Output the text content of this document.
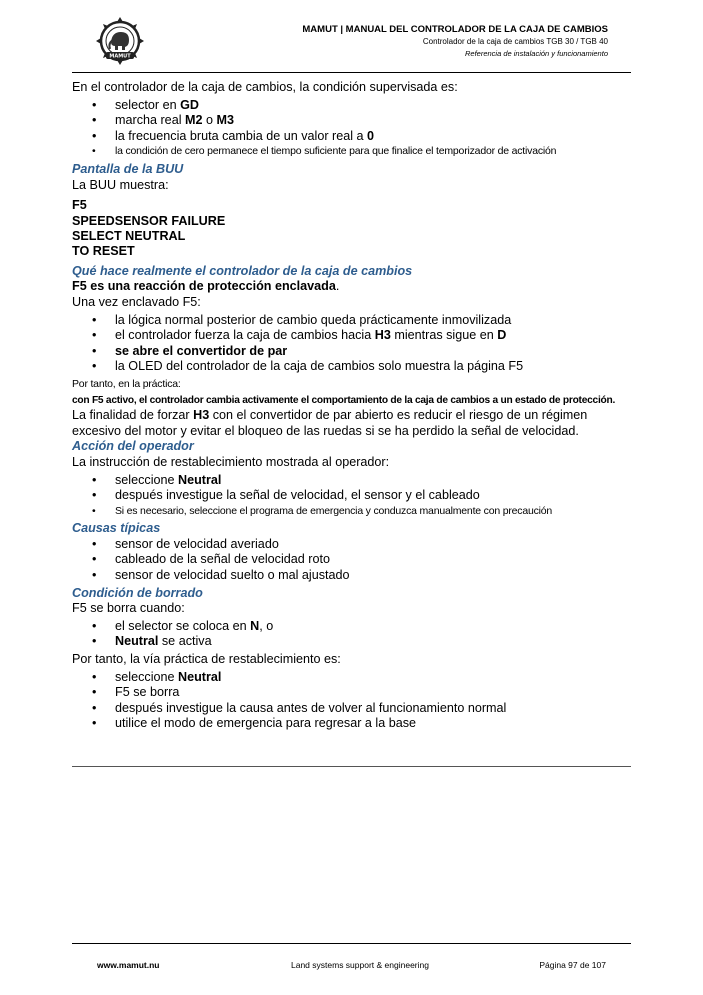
MAMUT
MAMUT | MANUAL DEL CONTROLADOR DE LA CAJA DE CAMBIOS
Controlador de la caja de cambios TGB 30 / TGB 40
Referencia de instalación y funcionamiento

En el controlador de la caja de cambios, la condición supervisada es:

• selector en GD
• marcha real M2 o M3
• la frecuencia bruta cambia de un valor real a 0
• la condición de cero permanece el tiempo suficiente para que finalice el temporizador de activación

Pantalla de la BUU

La BUU muestra:

F5
SPEEDSENSOR FAILURE
SELECT NEUTRAL
TO RESET

Qué hace realmente el controlador de la caja de cambios

F5 es una reacción de protección enclavada.

Una vez enclavado F5:

• la lógica normal posterior de cambio queda prácticamente inmovilizada
• el controlador fuerza la caja de cambios hacia H3 mientras sigue en D
• se abre el convertidor de par
• la OLED del controlador de la caja de cambios solo muestra la página F5

Por tanto, en la práctica:

con F5 activo, el controlador cambia activamente el comportamiento de la caja de cambios a un estado de protección.

La finalidad de forzar H3 con el convertidor de par abierto es reducir el riesgo de un régimen excesivo del motor y evitar el bloqueo de las ruedas si se ha perdido la señal de velocidad.

Acción del operador

La instrucción de restablecimiento mostrada al operador:

• seleccione Neutral
• después investigue la señal de velocidad, el sensor y el cableado
• Si es necesario, seleccione el programa de emergencia y conduzca manualmente con precaución

Causas típicas

• sensor de velocidad averiado
• cableado de la señal de velocidad roto
• sensor de velocidad suelto o mal ajustado

Condición de borrado

F5 se borra cuando:

• el selector se coloca en N, o
• Neutral se activa

Por tanto, la vía práctica de restablecimiento es:

• seleccione Neutral
• F5 se borra
• después investigue la causa antes de volver al funcionamiento normal
• utilice el modo de emergencia para regresar a la base
www.mamut.nu	Land systems support & engineering	Página 97 de 107
